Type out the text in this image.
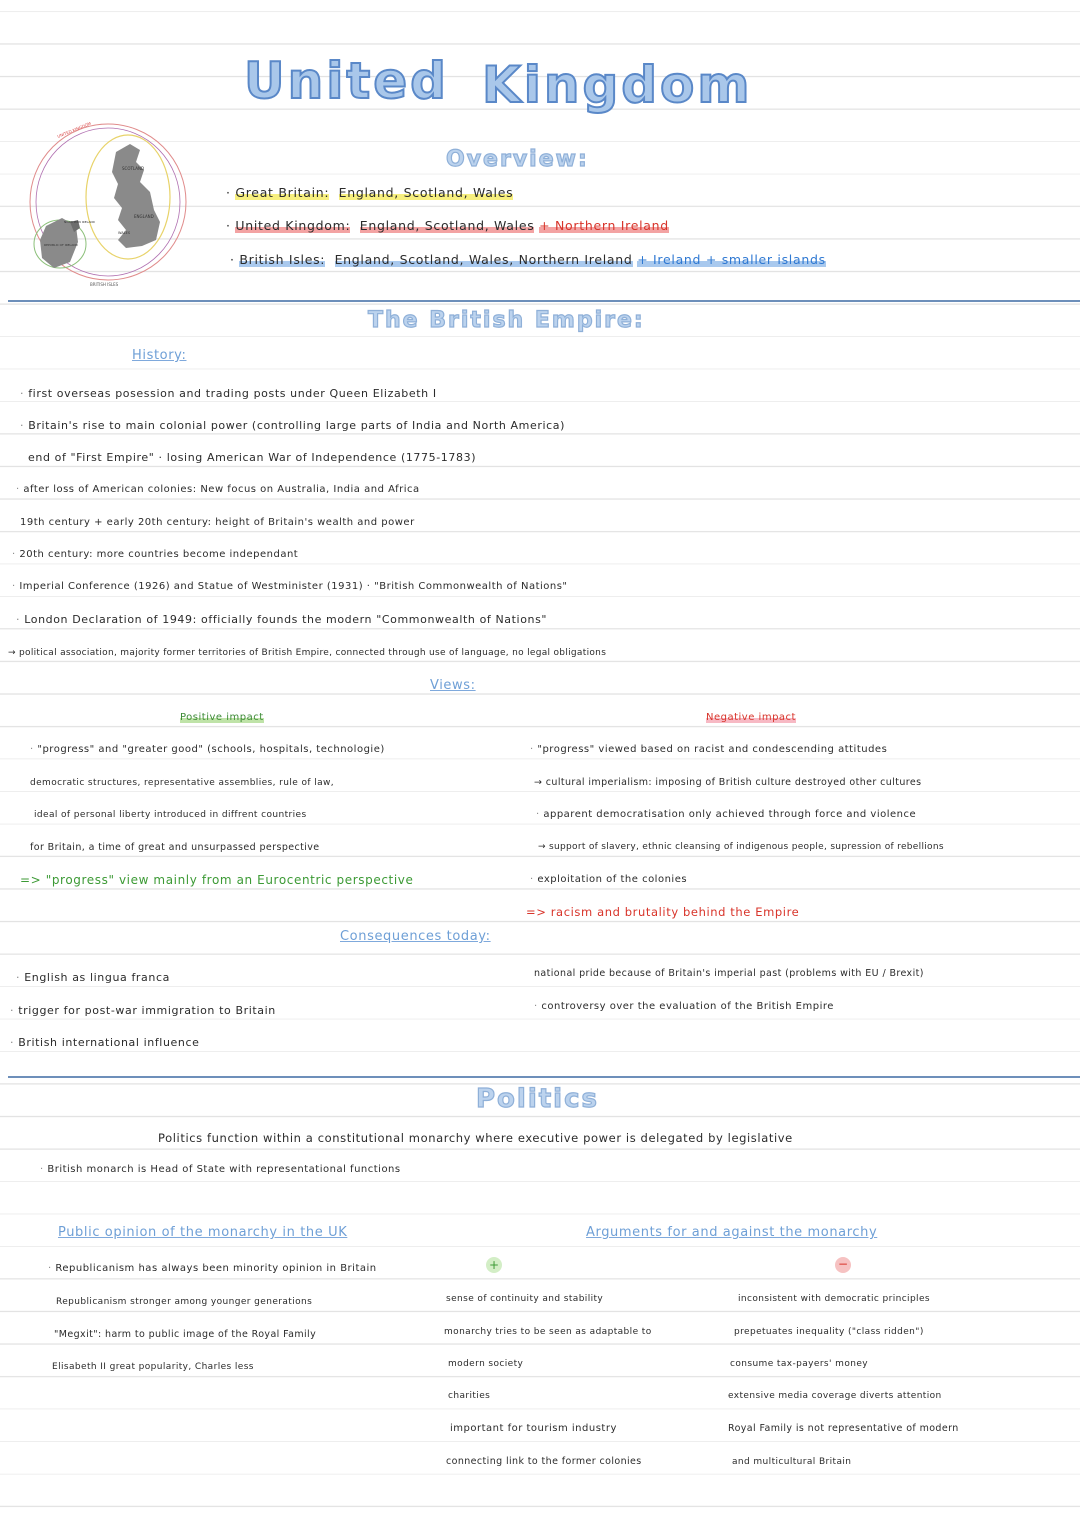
United Kingdom
SCOTLAND
ENGLAND
WALES
NORTHERN IRELAND
REPUBLIC OF IRELAND
UNITED KINGDOM
BRITISH ISLES
Overview:
· Great Britain: England, Scotland, Wales
· United Kingdom: England, Scotland, Wales + Northern Ireland
· British Isles: England, Scotland, Wales, Northern Ireland + Ireland + smaller islands
The British Empire:
History:
· first overseas posession and trading posts under Queen Elizabeth I
· Britain's rise to main colonial power (controlling large parts of India and North America)
end of "First Empire" · losing American War of Independence (1775-1783)
· after loss of American colonies: New focus on Australia, India and Africa
19th century + early 20th century: height of Britain's wealth and power
· 20th century: more countries become independant
· Imperial Conference (1926) and Statue of Westminister (1931) · "British Commonwealth of Nations"
· London Declaration of 1949: officially founds the modern "Commonwealth of Nations"
→ political association, majority former territories of British Empire, connected through use of language, no legal obligations
Views:
Positive impact
· "progress" and "greater good" (schools, hospitals, technologie)
democratic structures, representative assemblies, rule of law,
ideal of personal liberty introduced in diffrent countries
for Britain, a time of great and unsurpassed perspective
=> "progress" view mainly from an Eurocentric perspective
Negative impact
· "progress" viewed based on racist and condescending attitudes
→ cultural imperialism: imposing of British culture destroyed other cultures
· apparent democratisation only achieved through force and violence
→ support of slavery, ethnic cleansing of indigenous people, supression of rebellions
· exploitation of the colonies
=> racism and brutality behind the Empire
Consequences today:
· English as lingua franca
· trigger for post-war immigration to Britain
· British international influence
national pride because of Britain's imperial past (problems with EU / Brexit)
· controversy over the evaluation of the British Empire
Politics
Politics function within a constitutional monarchy where executive power is delegated by legislative
· British monarch is Head of State with representational functions
Public opinion of the monarchy in the UK
· Republicanism has always been minority opinion in Britain
Republicanism stronger among younger generations
"Megxit": harm to public image of the Royal Family
Elisabeth II great popularity, Charles less
Arguments for and against the monarchy
+	−
sense of continuity and stability
monarchy tries to be seen as adaptable to
modern society
charities
important for tourism industry
connecting link to the former colonies
inconsistent with democratic principles
prepetuates inequality ("class ridden")
consume tax-payers' money
extensive media coverage diverts attention
Royal Family is not representative of modern
and multicultural Britain
